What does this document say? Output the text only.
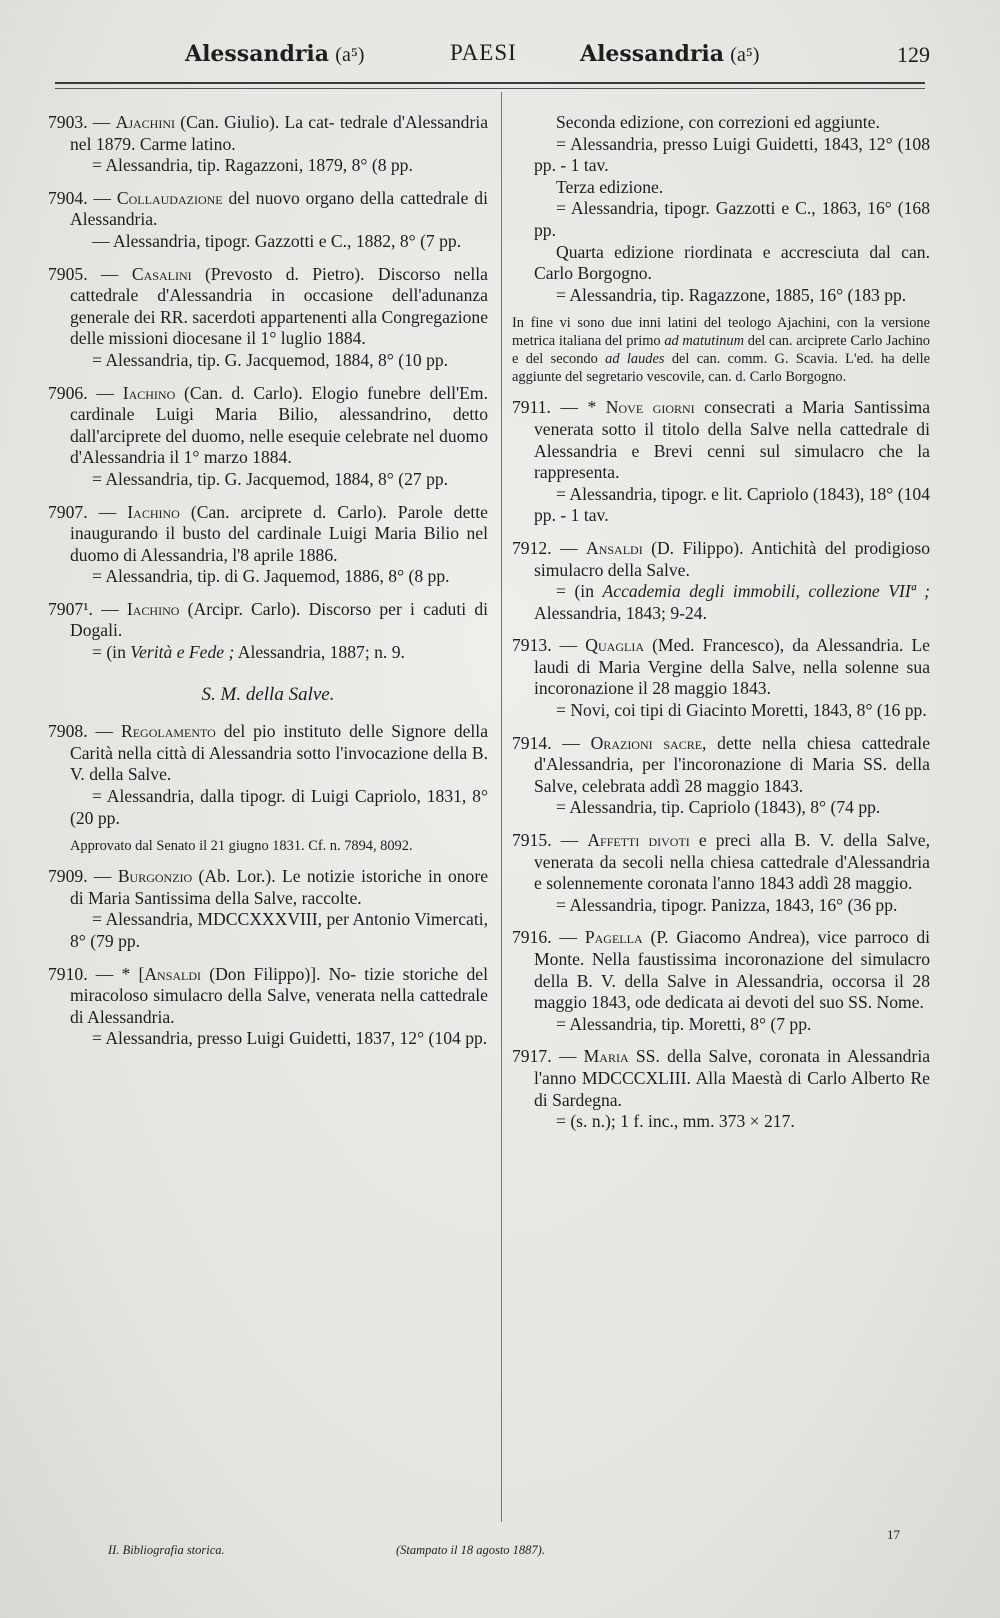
Alessandria (a⁵)	PAESI	Alessandria (a⁵)	129

7903. — Ajachini (Can. Giulio). La cat- tedrale d'Alessandria nel 1879. Carme latino.

= Alessandria, tip. Ragazzoni, 1879, 8° (8 pp.

7904. — Collaudazione del nuovo organo della cattedrale di Alessandria.

— Alessandria, tipogr. Gazzotti e C., 1882, 8° (7 pp.

7905. — Casalini (Prevosto d. Pietro). Discorso nella cattedrale d'Alessandria in occasione dell'adunanza generale dei RR. sacerdoti appartenenti alla Congregazione delle missioni diocesane il 1° luglio 1884.

= Alessandria, tip. G. Jacquemod, 1884, 8° (10 pp.

7906. — Iachino (Can. d. Carlo). Elogio funebre dell'Em. cardinale Luigi Maria Bilio, alessandrino, detto dall'arciprete del duomo, nelle esequie celebrate nel duomo d'Alessandria il 1° marzo 1884.

= Alessandria, tip. G. Jacquemod, 1884, 8° (27 pp.

7907. — Iachino (Can. arciprete d. Carlo). Parole dette inaugurando il busto del cardinale Luigi Maria Bilio nel duomo di Alessandria, l'8 aprile 1886.

= Alessandria, tip. di G. Jaquemod, 1886, 8° (8 pp.

7907¹. — Iachino (Arcipr. Carlo). Discorso per i caduti di Dogali.

= (in Verità e Fede ; Alessandria, 1887; n. 9.

S. M. della Salve.

7908. — Regolamento del pio instituto delle Signore della Carità nella città di Alessandria sotto l'invocazione della B. V. della Salve.

= Alessandria, dalla tipogr. di Luigi Capriolo, 1831, 8° (20 pp.

Approvato dal Senato il 21 giugno 1831. Cf. n. 7894, 8092.

7909. — Burgonzio (Ab. Lor.). Le notizie istoriche in onore di Maria Santissima della Salve, raccolte.

= Alessandria, MDCCXXXVIII, per Antonio Vimercati, 8° (79 pp.

7910. — * [Ansaldi (Don Filippo)]. No- tizie storiche del miracoloso simulacro della Salve, venerata nella cattedrale di Alessandria.

= Alessandria, presso Luigi Guidetti, 1837, 12° (104 pp.

Seconda edizione, con correzioni ed aggiunte.

= Alessandria, presso Luigi Guidetti, 1843, 12° (108 pp. - 1 tav.

Terza edizione.

= Alessandria, tipogr. Gazzotti e C., 1863, 16° (168 pp.

Quarta edizione riordinata e accresciuta dal can. Carlo Borgogno.

= Alessandria, tip. Ragazzone, 1885, 16° (183 pp.

In fine vi sono due inni latini del teologo Ajachini, con la versione metrica italiana del primo ad matutinum del can. arciprete Carlo Jachino e del secondo ad laudes del can. comm. G. Scavia. L'ed. ha delle aggiunte del segretario vescovile, can. d. Carlo Borgogno.

7911. — * Nove giorni consecrati a Maria Santissima venerata sotto il titolo della Salve nella cattedrale di Alessandria e Brevi cenni sul simulacro che la rappresenta.

= Alessandria, tipogr. e lit. Capriolo (1843), 18° (104 pp. - 1 tav.

7912. — Ansaldi (D. Filippo). Antichità del prodigioso simulacro della Salve.

= (in Accademia degli immobili, collezione VIIª ; Alessandria, 1843; 9-24.

7913. — Quaglia (Med. Francesco), da Alessandria. Le laudi di Maria Vergine della Salve, nella solenne sua incoronazione il 28 maggio 1843.

= Novi, coi tipi di Giacinto Moretti, 1843, 8° (16 pp.

7914. — Orazioni sacre, dette nella chiesa cattedrale d'Alessandria, per l'incoronazione di Maria SS. della Salve, celebrata addì 28 maggio 1843.

= Alessandria, tip. Capriolo (1843), 8° (74 pp.

7915. — Affetti divoti e preci alla B. V. della Salve, venerata da secoli nella chiesa cattedrale d'Alessandria e solennemente coronata l'anno 1843 addì 28 maggio.

= Alessandria, tipogr. Panizza, 1843, 16° (36 pp.

7916. — Pagella (P. Giacomo Andrea), vice parroco di Monte. Nella faustissima incoronazione del simulacro della B. V. della Salve in Alessandria, occorsa il 28 maggio 1843, ode dedicata ai devoti del suo SS. Nome.

= Alessandria, tip. Moretti, 8° (7 pp.

7917. — Maria SS. della Salve, coronata in Alessandria l'anno MDCCCXLIII. Alla Maestà di Carlo Alberto Re di Sardegna.

= (s. n.); 1 f. inc., mm. 373 × 217.

II. Bibliografia storica.	(Stampato il 18 agosto 1887).
17
